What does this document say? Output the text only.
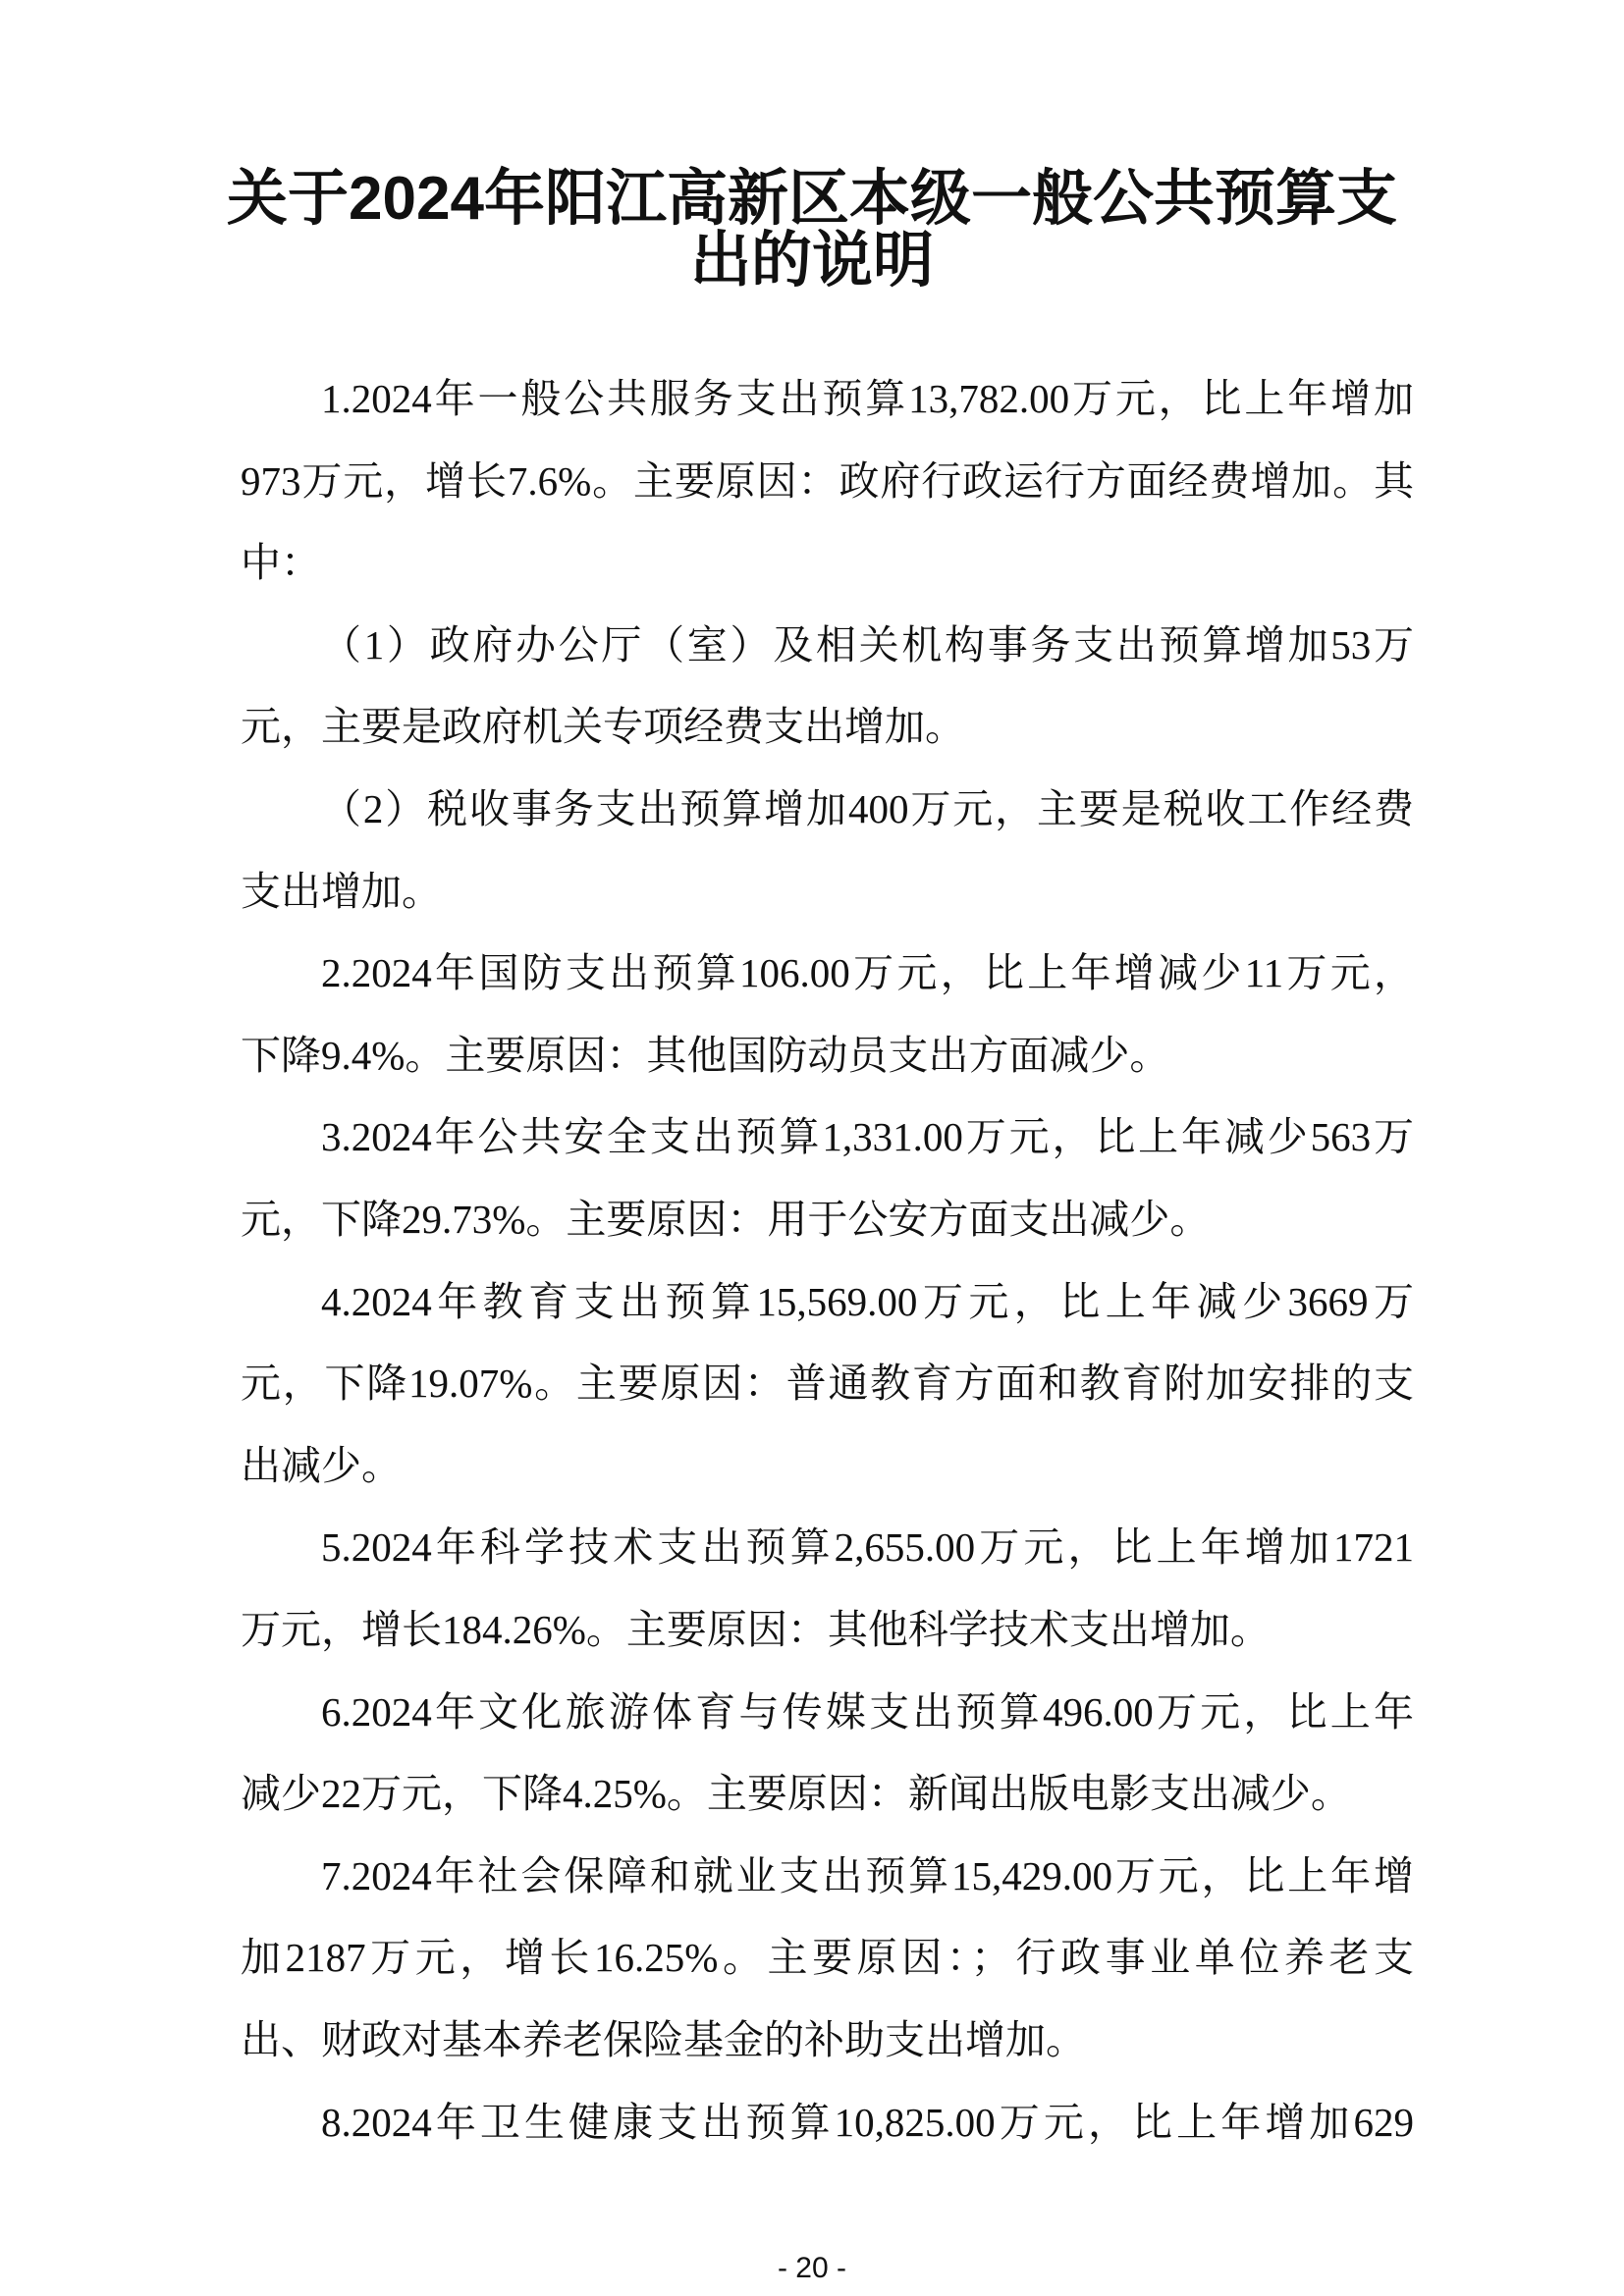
关于2024年阳江高新区本级一般公共预算支
出的说明
1.2024年一般公共服务支出预算13,782.00万元，比上年增加
973万元，增长7.6%。主要原因：政府行政运行方面经费增加。其
中：
（1）政府办公厅（室）及相关机构事务支出预算增加53万
元，主要是政府机关专项经费支出增加。
（2）税收事务支出预算增加400万元，主要是税收工作经费
支出增加。
2.2024年国防支出预算106.00万元，比上年增减少11万元，
下降9.4%。主要原因：其他国防动员支出方面减少。
3.2024年公共安全支出预算1,331.00万元，比上年减少563万
元，下降29.73%。主要原因：用于公安方面支出减少。
4.2024年教育支出预算15,569.00万元，比上年减少3669万
元，下降19.07%。主要原因：普通教育方面和教育附加安排的支
出减少。
5.2024年科学技术支出预算2,655.00万元，比上年增加1721
万元，增长184.26%。主要原因：其他科学技术支出增加。
6.2024年文化旅游体育与传媒支出预算496.00万元，比上年
减少22万元，下降4.25%。主要原因：新闻出版电影支出减少。
7.2024年社会保障和就业支出预算15,429.00万元，比上年增
加2187万元，增长16.25%。主要原因：；行政事业单位养老支
出、财政对基本养老保险基金的补助支出增加。
8.2024年卫生健康支出预算10,825.00万元，比上年增加629
- 20 -
